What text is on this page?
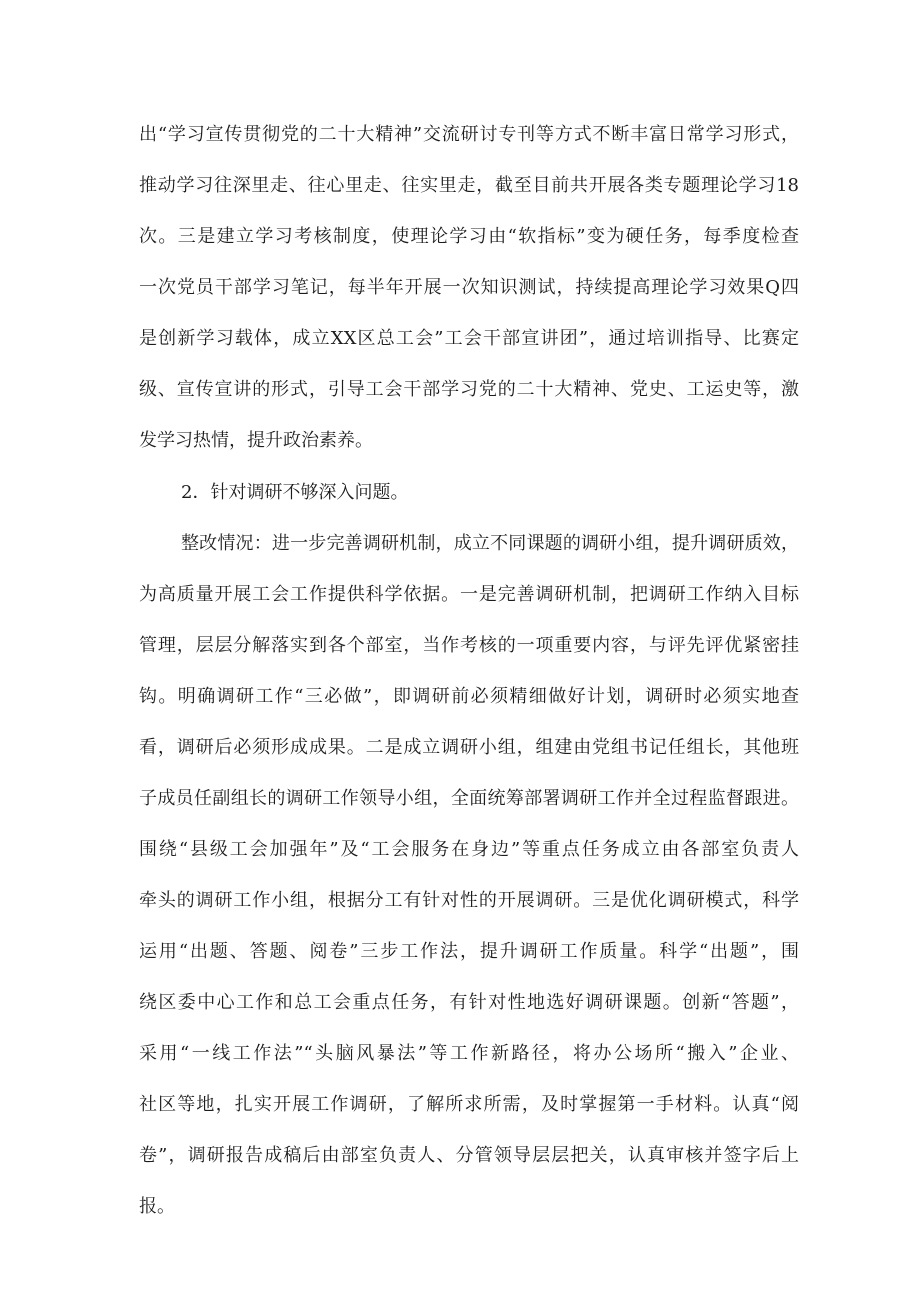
出“学习宣传贯彻党的二十大精神”交流研讨专刊等方式不断丰富日常学习形式，
推动学习往深里走、往心里走、往实里走，截至目前共开展各类专题理论学习18
次。三是建立学习考核制度，使理论学习由“软指标”变为硬任务，每季度检查
一次党员干部学习笔记，每半年开展一次知识测试，持续提高理论学习效果Q四
是创新学习载体，成立XX区总工会”工会干部宣讲团”，通过培训指导、比赛定
级、宣传宣讲的形式，引导工会干部学习党的二十大精神、党史、工运史等，激
发学习热情，提升政治素养。
2．针对调研不够深入问题。
整改情况：进一步完善调研机制，成立不同课题的调研小组，提升调研质效，
为高质量开展工会工作提供科学依据。一是完善调研机制，把调研工作纳入目标
管理，层层分解落实到各个部室，当作考核的一项重要内容，与评先评优紧密挂
钩。明确调研工作“三必做”，即调研前必须精细做好计划，调研时必须实地查
看，调研后必须形成成果。二是成立调研小组，组建由党组书记任组长，其他班
子成员任副组长的调研工作领导小组，全面统筹部署调研工作并全过程监督跟进。
围绕“县级工会加强年”及“工会服务在身边”等重点任务成立由各部室负责人
牵头的调研工作小组，根据分工有针对性的开展调研。三是优化调研模式，科学
运用“出题、答题、阅卷”三步工作法，提升调研工作质量。科学“出题”，围
绕区委中心工作和总工会重点任务，有针对性地选好调研课题。创新“答题”，
采用“一线工作法”“头脑风暴法”等工作新路径，将办公场所“搬入”企业、
社区等地，扎实开展工作调研，了解所求所需，及时掌握第一手材料。认真“阅
卷”，调研报告成稿后由部室负责人、分管领导层层把关，认真审核并签字后上
报。
